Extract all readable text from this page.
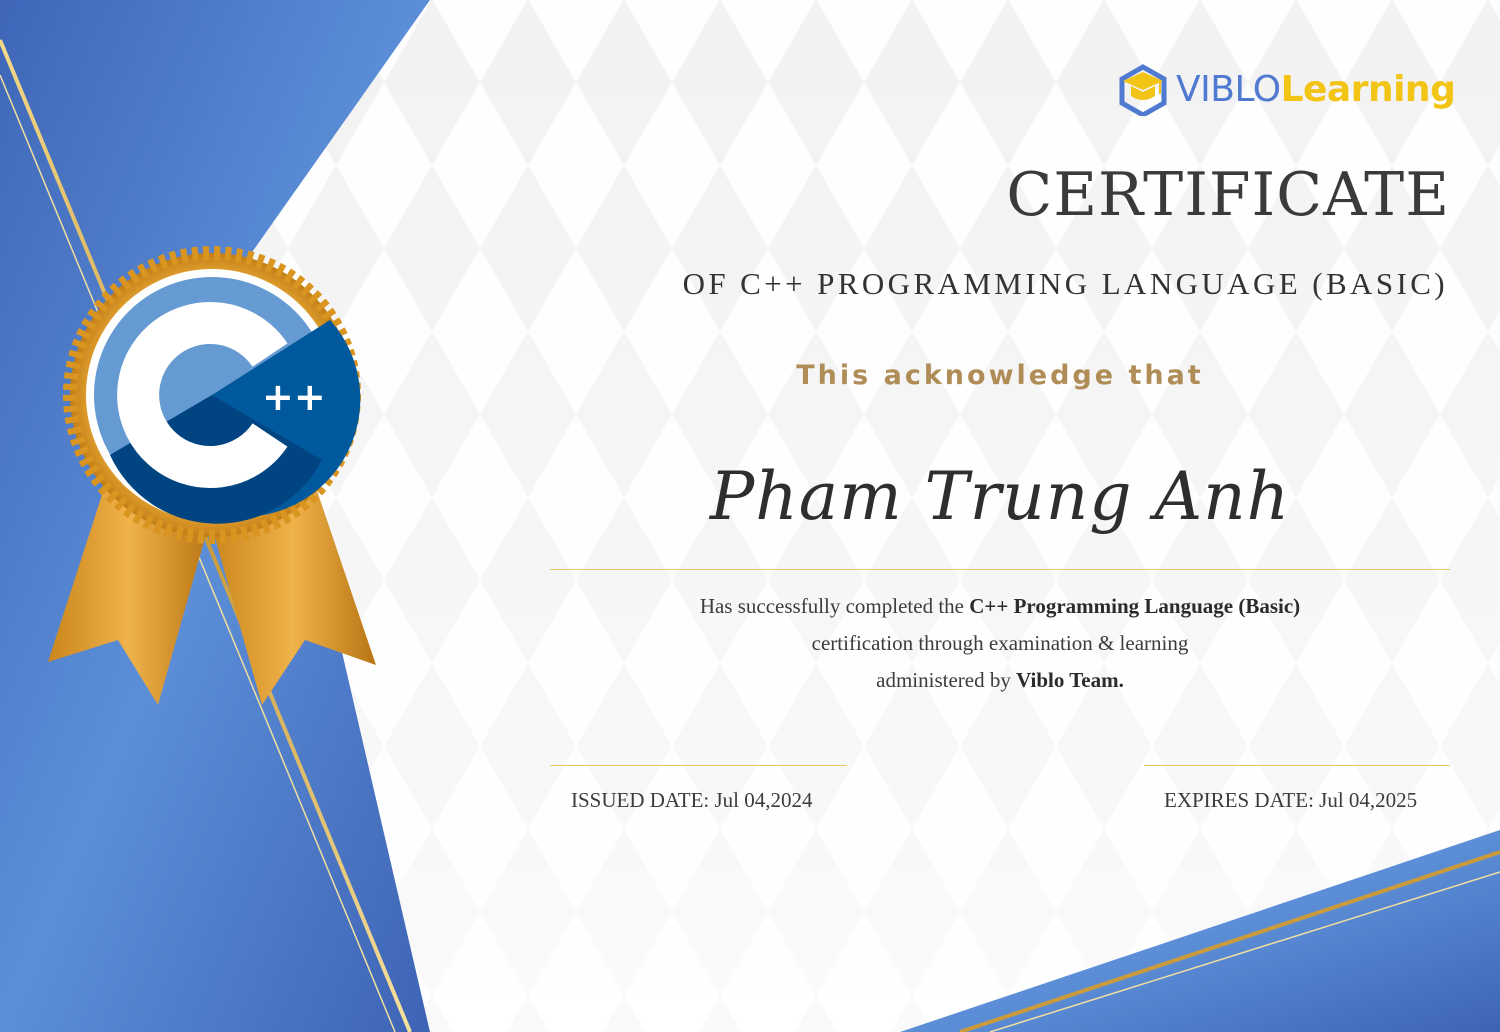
++
VIBLOLearning
CERTIFICATE
OF C++ PROGRAMMING LANGUAGE (BASIC)
This acknowledge that
Pham Trung Anh
Has successfully completed the C++ Programming Language (Basic)
certification through examination & learning
administered by Viblo Team.
ISSUED DATE: Jul 04,2024	EXPIRES DATE: Jul 04,2025
